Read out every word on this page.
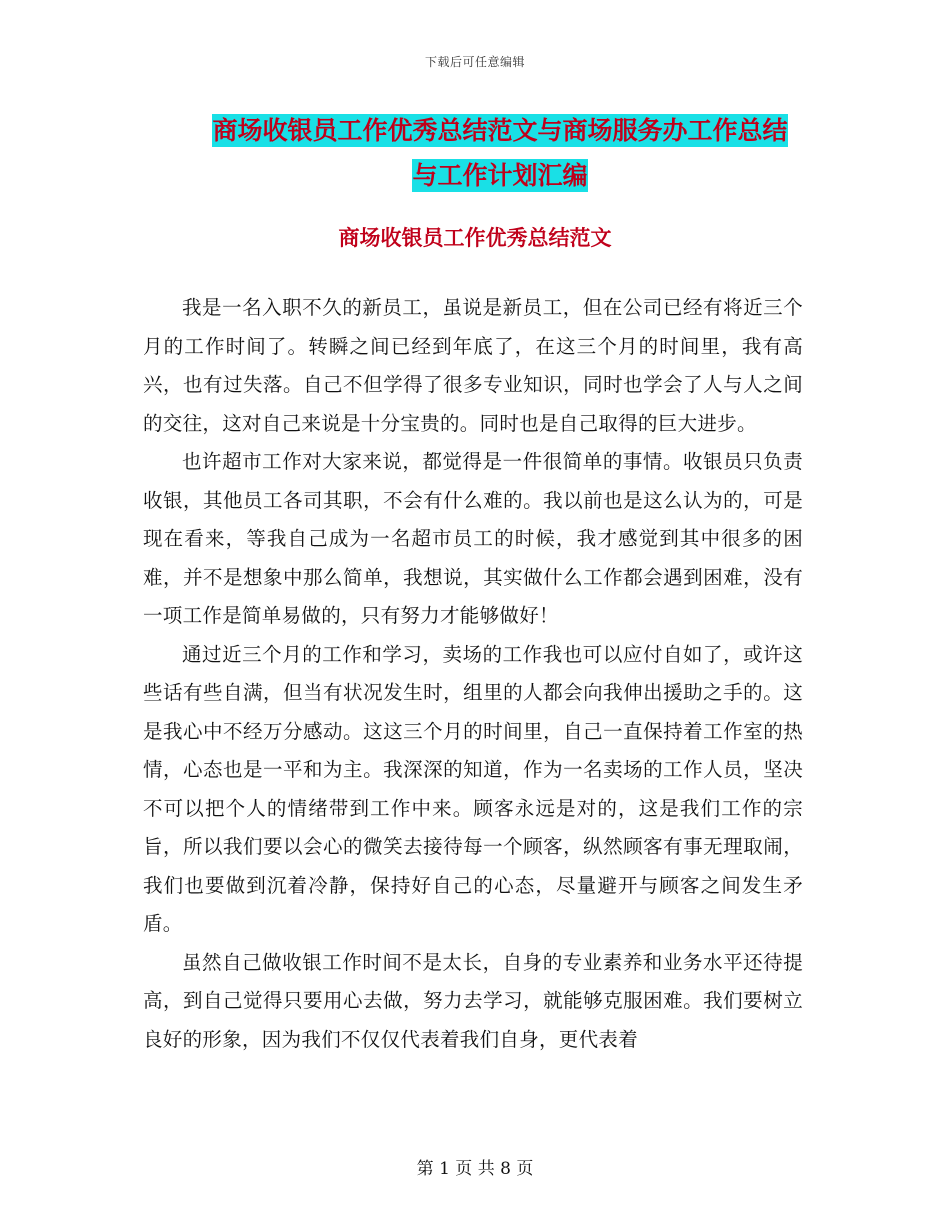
下载后可任意编辑
商场收银员工作优秀总结范文与商场服务办工作总结
与工作计划汇编
商场收银员工作优秀总结范文

我是一名入职不久的新员工，虽说是新员工，但在公司已经有将近三个月的工作时间了。转瞬之间已经到年底了，在这三个月的时间里，我有高兴，也有过失落。自己不但学得了很多专业知识，同时也学会了人与人之间的交往，这对自己来说是十分宝贵的。同时也是自己取得的巨大进步。

也许超市工作对大家来说，都觉得是一件很简单的事情。收银员只负责收银，其他员工各司其职，不会有什么难的。我以前也是这么认为的，可是现在看来，等我自己成为一名超市员工的时候，我才感觉到其中很多的困难，并不是想象中那么简单，我想说，其实做什么工作都会遇到困难，没有一项工作是简单易做的，只有努力才能够做好！

通过近三个月的工作和学习，卖场的工作我也可以应付自如了，或许这些话有些自满，但当有状况发生时，组里的人都会向我伸出援助之手的。这是我心中不经万分感动。这这三个月的时间里，自己一直保持着工作室的热情，心态也是一平和为主。我深深的知道，作为一名卖场的工作人员，坚决不可以把个人的情绪带到工作中来。顾客永远是对的，这是我们工作的宗旨，所以我们要以会心的微笑去接待每一个顾客，纵然顾客有事无理取闹，我们也要做到沉着冷静，保持好自己的心态，尽量避开与顾客之间发生矛盾。

虽然自己做收银工作时间不是太长，自身的专业素养和业务水平还待提高，到自己觉得只要用心去做，努力去学习，就能够克服困难。我们要树立良好的形象，因为我们不仅仅代表着我们自身，更代表着

第 1 页 共 8 页
